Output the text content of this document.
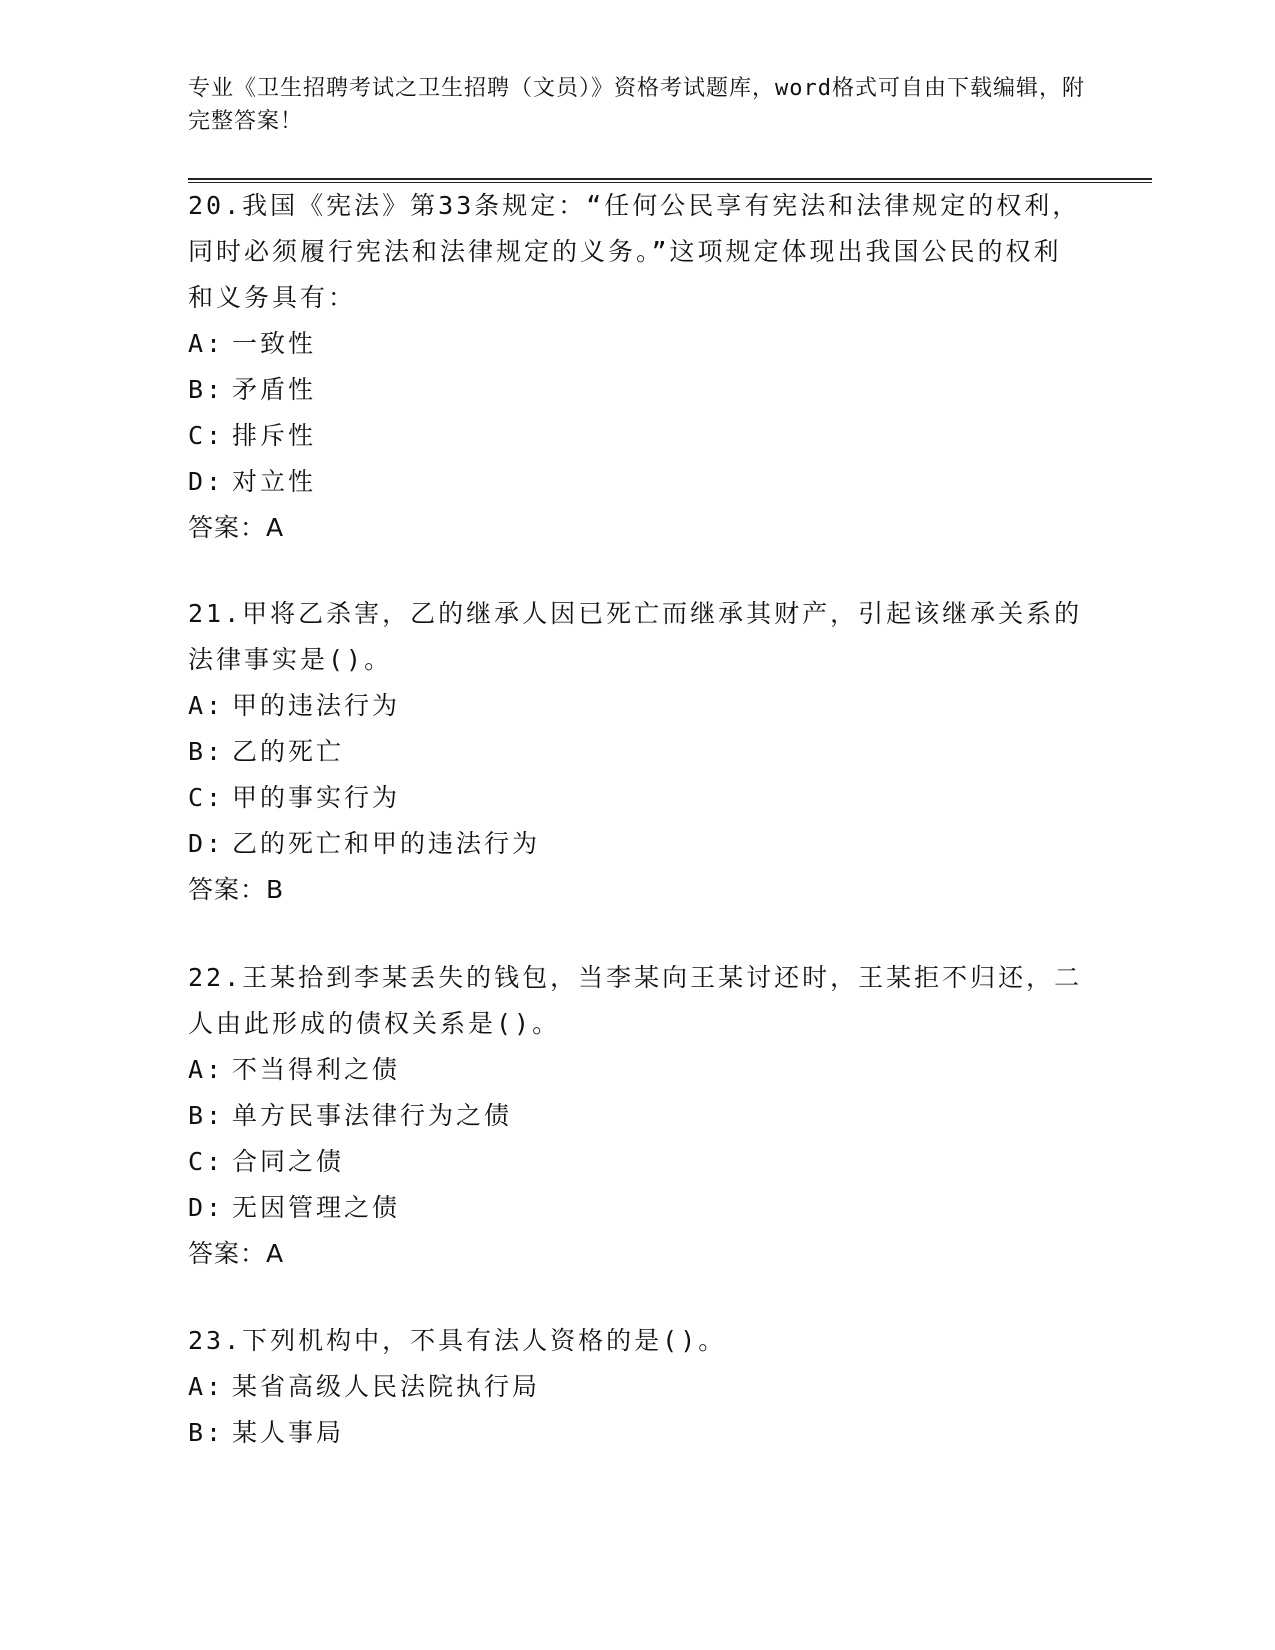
专业《卫生招聘考试之卫生招聘（文员）》资格考试题库，word格式可自由下载编辑，附完整答案！

20.我国《宪法》第33条规定：“任何公民享有宪法和法律规定的权利，同时必须履行宪法和法律规定的义务。”这项规定体现出我国公民的权利和义务具有：

A: 一致性

B: 矛盾性

C: 排斥性

D: 对立性

答案：A

21.甲将乙杀害，乙的继承人因已死亡而继承其财产，引起该继承关系的法律事实是()。

A: 甲的违法行为

B: 乙的死亡

C: 甲的事实行为

D: 乙的死亡和甲的违法行为

答案：B

22.王某拾到李某丢失的钱包，当李某向王某讨还时，王某拒不归还，二人由此形成的债权关系是()。

A: 不当得利之债

B: 单方民事法律行为之债

C: 合同之债

D: 无因管理之债

答案：A

23.下列机构中，不具有法人资格的是()。

A: 某省高级人民法院执行局

B: 某人事局
